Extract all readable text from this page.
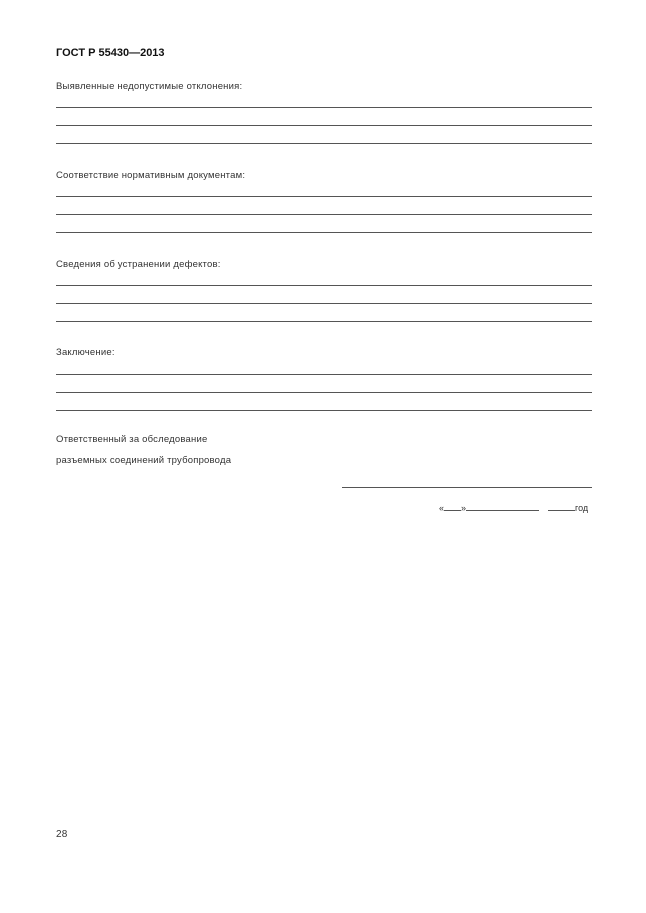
ГОСТ Р 55430—2013
Выявленные недопустимые отклонения:
Соответствие нормативным документам:
Сведения об устранении дефектов:
Заключение:
Ответственный за обследование
разъемных соединений трубопровода
« »	год
28
